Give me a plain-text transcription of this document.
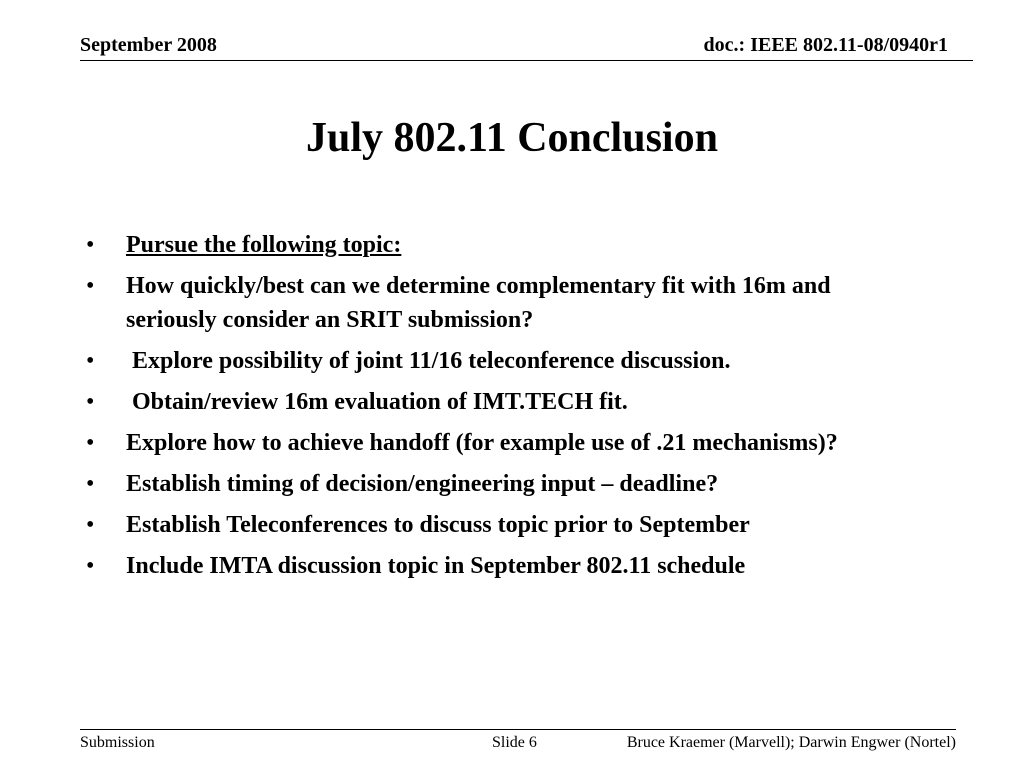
September 2008	doc.: IEEE 802.11-08/0940r1
July 802.11 Conclusion
•	Pursue the following topic:
•	How quickly/best can we determine complementary fit with 16m and seriously consider an SRIT submission?
•	Explore possibility of joint 11/16 teleconference discussion.
•	Obtain/review 16m evaluation of IMT.TECH fit.
•	Explore how to achieve handoff (for example use of .21 mechanisms)?
•	Establish timing of decision/engineering input – deadline?
•	Establish Teleconferences to discuss topic prior to September
•	Include IMTA discussion topic in September 802.11 schedule
Submission	Slide 6	Bruce Kraemer (Marvell); Darwin Engwer (Nortel)
